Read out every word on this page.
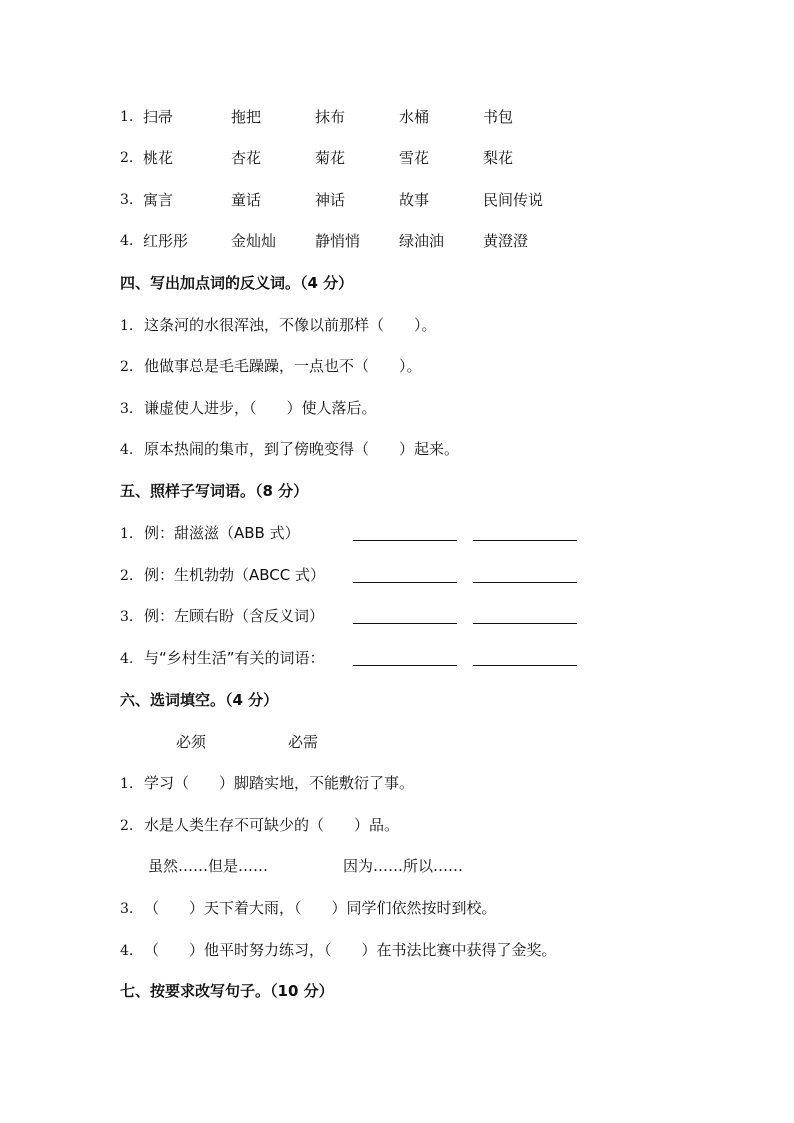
1. 扫帚	拖把	抹布	水桶	书包
2. 桃花	杏花	菊花	雪花	梨花
3. 寓言	童话	神话	故事	民间传说
4. 红彤彤	金灿灿	静悄悄	绿油油	黄澄澄
四、写出加点词的反义词。（4 分）
1. 这条河的水很浑浊，不像以前那样（　　）。
2. 他做事总是毛毛躁躁，一点也不（　　）。
3. 谦虚使人进步，（　　）使人落后。
4. 原本热闹的集市，到了傍晚变得（　　）起来。
五、照样子写词语。（8 分）
1. 例：甜滋滋（ABB 式）
2. 例：生机勃勃（ABCC 式）
3. 例：左顾右盼（含反义词）
4. 与“乡村生活”有关的词语：
六、选词填空。（4 分）
必须	必需
1. 学习（　　）脚踏实地，不能敷衍了事。
2. 水是人类生存不可缺少的（　　）品。
虽然……但是……	因为……所以……
3. （　　）天下着大雨，（　　）同学们依然按时到校。
4. （　　）他平时努力练习，（　　）在书法比赛中获得了金奖。
七、按要求改写句子。（10 分）
